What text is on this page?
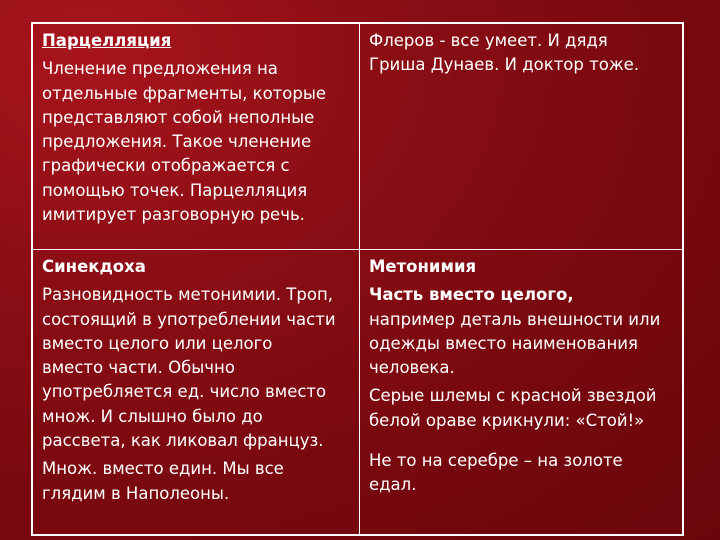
Парцелляция
Членение предложения на
отдельные фрагменты, которые
представляют собой неполные
предложения. Такое членение
графически отображается с
помощью точек. Парцелляция
имитирует разговорную речь.
Флеров - все умеет. И дядя
Гриша Дунаев. И доктор тоже.
Синекдоха
Разновидность метонимии. Троп,
состоящий в употреблении части
вместо целого или целого
вместо части. Обычно
употребляется ед. число вместо
множ. И слышно было до
рассвета, как ликовал француз.
Множ. вместо един. Мы все
глядим в Наполеоны.
Метонимия
Часть вместо целого,
например деталь внешности или
одежды вместо наименования
человека.
Серые шлемы с красной звездой
белой ораве крикнули: «Стой!»
Не то на серебре – на золоте
едал.
